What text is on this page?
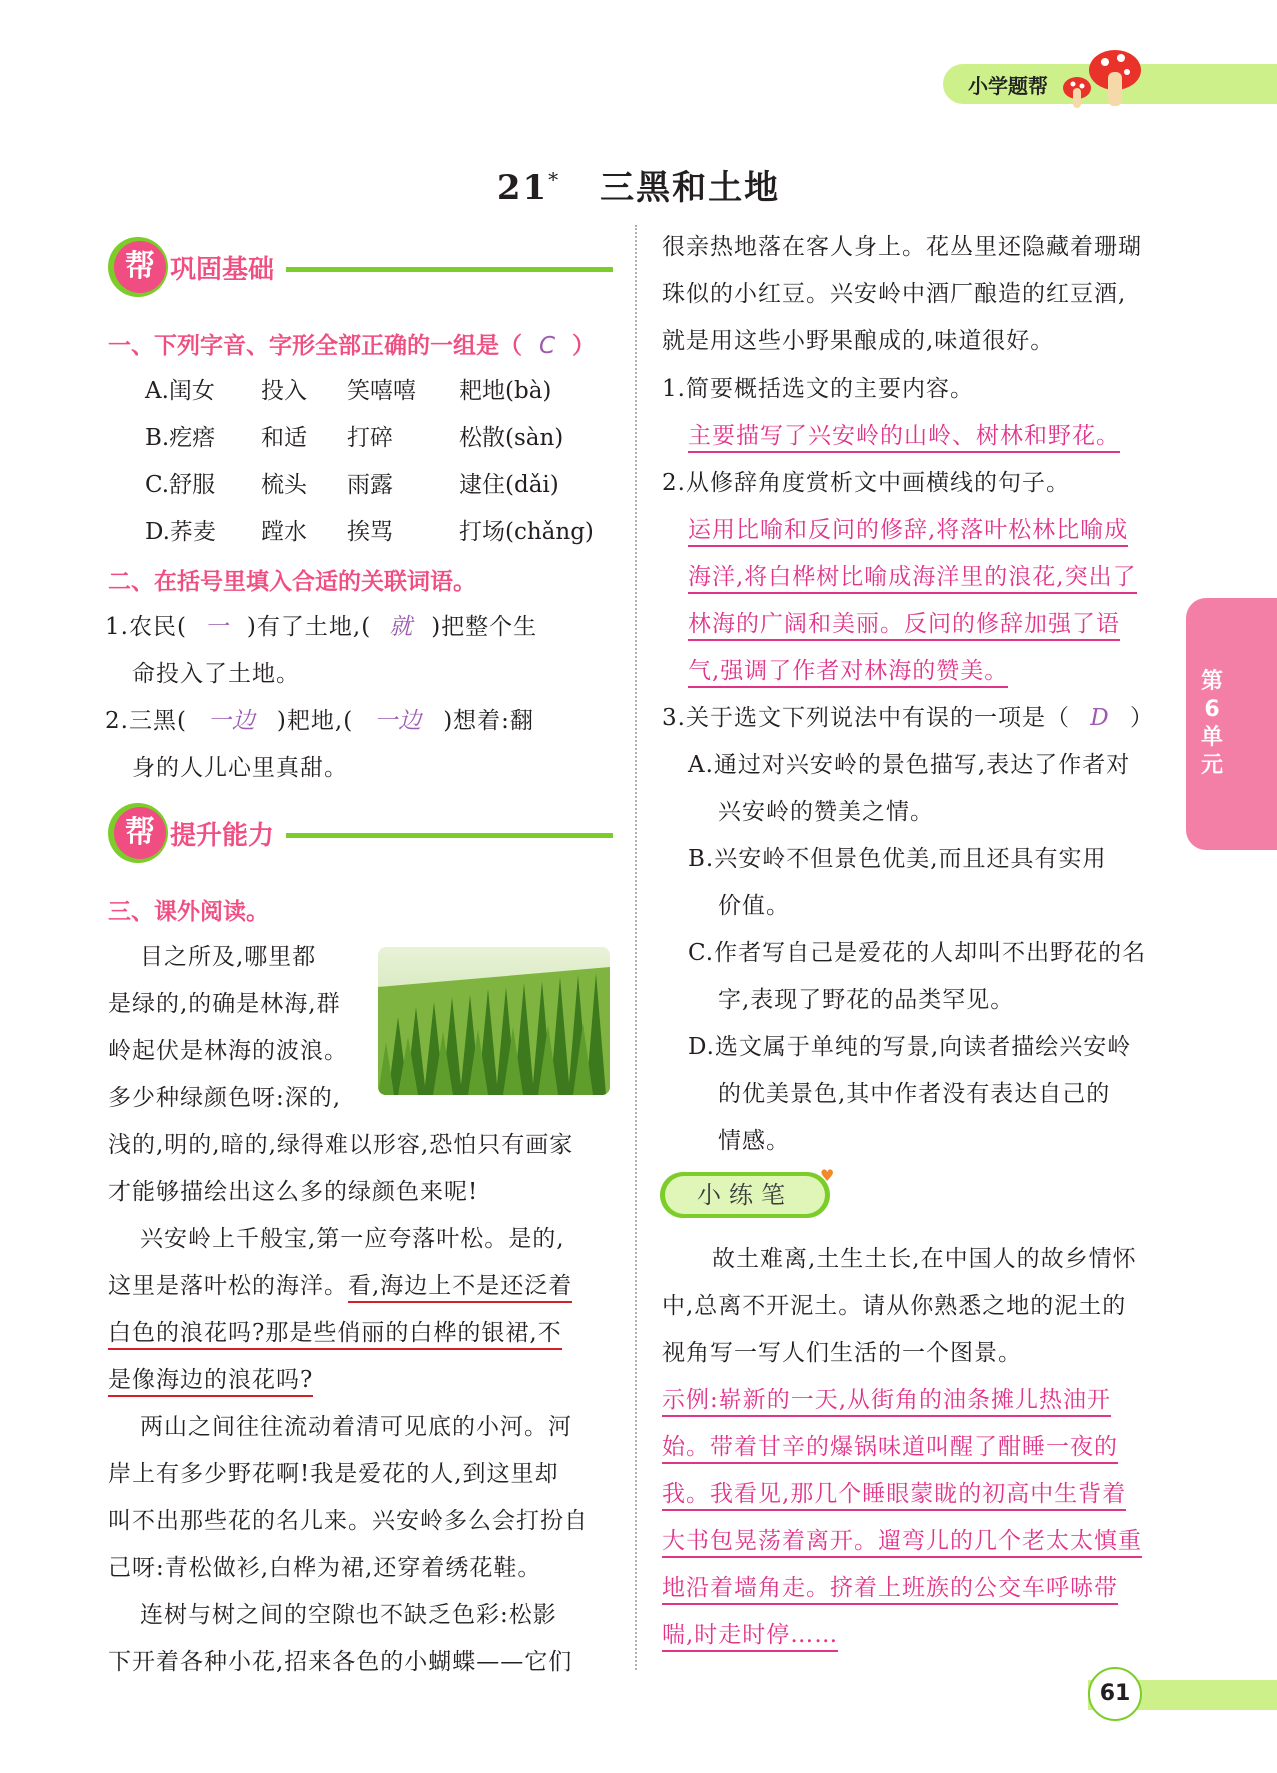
小学题帮
21* 三黑和土地
帮 巩固基础
一、下列字音、字形全部正确的一组是（ C ）
A.闺女 投入 笑嘻嘻 耙地(bà)
B.疙瘩 和适 打碎	松散(sàn)
C.舒服 梳头 雨露	逮住(dǎi)
D.荞麦 蹚水 挨骂	打场(chǎng)
二、在括号里填入合适的关联词语。
1.农民( 一 )有了土地,( 就 )把整个生
命投入了土地。
2.三黑( 一边 )耙地,( 一边 )想着:翻
身的人儿心里真甜。
帮 提升能力
三、课外阅读。
目之所及,哪里都
是绿的,的确是林海,群
岭起伏是林海的波浪。
多少种绿颜色呀:深的,
浅的,明的,暗的,绿得难以形容,恐怕只有画家
才能够描绘出这么多的绿颜色来呢!
兴安岭上千般宝,第一应夸落叶松。是的,
这里是落叶松的海洋。看,海边上不是还泛着
白色的浪花吗?那是些俏丽的白桦的银裙,不
是像海边的浪花吗?
两山之间往往流动着清可见底的小河。河
岸上有多少野花啊!我是爱花的人,到这里却
叫不出那些花的名儿来。兴安岭多么会打扮自
己呀:青松做衫,白桦为裙,还穿着绣花鞋。
连树与树之间的空隙也不缺乏色彩:松影
下开着各种小花,招来各色的小蝴蝶——它们
很亲热地落在客人身上。花丛里还隐藏着珊瑚
珠似的小红豆。兴安岭中酒厂酿造的红豆酒,
就是用这些小野果酿成的,味道很好。
1.简要概括选文的主要内容。
主要描写了兴安岭的山岭、树林和野花。
2.从修辞角度赏析文中画横线的句子。
运用比喻和反问的修辞,将落叶松林比喻成
海洋,将白桦树比喻成海洋里的浪花,突出了
林海的广阔和美丽。反问的修辞加强了语
气,强调了作者对林海的赞美。
3.关于选文下列说法中有误的一项是（ D ）
A.通过对兴安岭的景色描写,表达了作者对
兴安岭的赞美之情。
B.兴安岭不但景色优美,而且还具有实用
价值。
C.作者写自己是爱花的人却叫不出野花的名
字,表现了野花的品类罕见。
D.选文属于单纯的写景,向读者描绘兴安岭
的优美景色,其中作者没有表达自己的
情感。
小练笔
♥
故土难离,土生土长,在中国人的故乡情怀
中,总离不开泥土。请从你熟悉之地的泥土的
视角写一写人们生活的一个图景。
示例:崭新的一天,从街角的油条摊儿热油开
始。带着甘辛的爆锅味道叫醒了酣睡一夜的
我。我看见,那几个睡眼蒙眬的初高中生背着
大书包晃荡着离开。遛弯儿的几个老太太慎重
地沿着墙角走。挤着上班族的公交车呼哧带
喘,时走时停……
第
6
单
元
61
